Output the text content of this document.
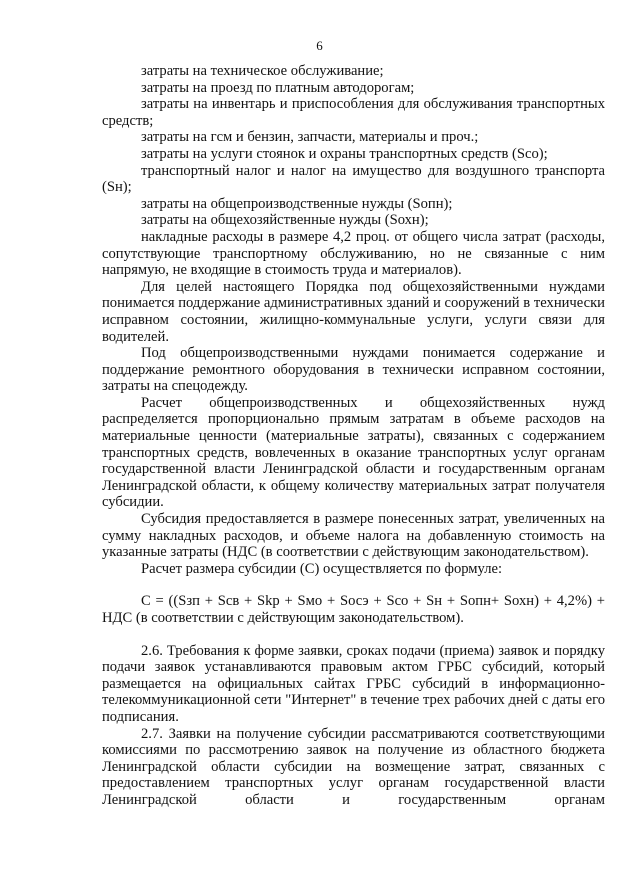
6

затраты на техническое обслуживание;

затраты на проезд по платным автодорогам;

затраты на инвентарь и приспособления для обслуживания транспортных средств;

затраты на гсм и бензин, запчасти, материалы и проч.;

затраты на услуги стоянок и охраны транспортных средств (Sco);

транспортный налог и налог на имущество для воздушного транспорта (Sн);

затраты на общепроизводственные нужды (Sопн);

затраты на общехозяйственные нужды (Sохн);

накладные расходы в размере 4,2 проц. от общего числа затрат (расходы, сопутствующие транспортному обслуживанию, но не связанные с ним напрямую, не входящие в стоимость труда и материалов).

Для целей настоящего Порядка под общехозяйственными нуждами понимается поддержание административных зданий и сооружений в технически исправном состоянии, жилищно-коммунальные услуги, услуги связи для водителей.

Под общепроизводственными нуждами понимается содержание и поддержание ремонтного оборудования в технически исправном состоянии, затраты на спецодежду.

Расчет общепроизводственных и общехозяйственных нужд распределяется пропорционально прямым затратам в объеме расходов на материальные ценности (материальные затраты), связанных с содержанием транспортных средств, вовлеченных в оказание транспортных услуг органам государственной власти Ленинградской области и государственным органам Ленинградской области, к общему количеству материальных затрат получателя субсидии.

Субсидия предоставляется в размере понесенных затрат, увеличенных на сумму накладных расходов, и объеме налога на добавленную стоимость на указанные затраты (НДС (в соответствии с действующим законодательством).

Расчет размера субсидии (С) осуществляется по формуле:

С = ((Sзп + Sсв + Skp + Sмо + Sосэ + Sco + Sн + Sопн+ Sохн) + 4,2%) + НДС (в соответствии с действующим законодательством).

2.6. Требования к форме заявки, сроках подачи (приема) заявок и порядку подачи заявок устанавливаются правовым актом ГРБС субсидий, который размещается на официальных сайтах ГРБС субсидий в информационно-телекоммуникационной сети "Интернет" в течение трех рабочих дней с даты его подписания.

2.7. Заявки на получение субсидии рассматриваются соответствующими комиссиями по рассмотрению заявок на получение из областного бюджета Ленинградской области субсидии на возмещение затрат, связанных с предоставлением транспортных услуг органам государственной власти Ленинградской области и государственным органам
